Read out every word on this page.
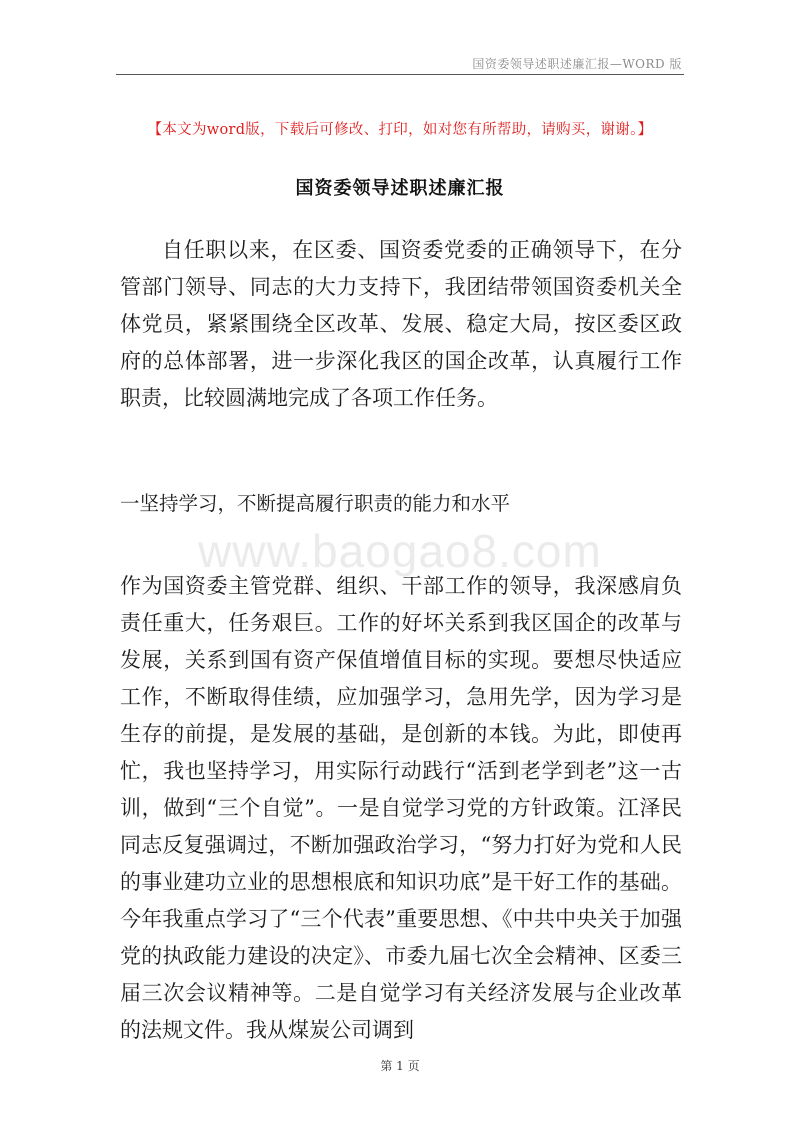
国资委领导述职述廉汇报—WORD 版
【本文为word版，下载后可修改、打印，如对您有所帮助，请购买，谢谢。】
国资委领导述职述廉汇报

自任职以来，在区委、国资委党委的正确领导下，在分管部门领导、同志的大力支持下，我团结带领国资委机关全体党员，紧紧围绕全区改革、发展、稳定大局，按区委区政府的总体部署，进一步深化我区的国企改革，认真履行工作职责，比较圆满地完成了各项工作任务。

一坚持学习，不断提高履行职责的能力和水平

www.baogao8.com

作为国资委主管党群、组织、干部工作的领导，我深感肩负责任重大，任务艰巨。工作的好坏关系到我区国企的改革与发展，关系到国有资产保值增值目标的实现。要想尽快适应工作，不断取得佳绩，应加强学习，急用先学，因为学习是生存的前提，是发展的基础，是创新的本钱。为此，即使再忙，我也坚持学习，用实际行动践行“活到老学到老”这一古训，做到“三个自觉”。一是自觉学习党的方针政策。江泽民同志反复强调过，不断加强政治学习，“努力打好为党和人民的事业建功立业的思想根底和知识功底”是干好工作的基础。今年我重点学习了“三个代表”重要思想、《中共中央关于加强党的执政能力建设的决定》、市委九届七次全会精神、区委三届三次会议精神等。二是自觉学习有关经济发展与企业改革的法规文件。我从煤炭公司调到

第 1 页
